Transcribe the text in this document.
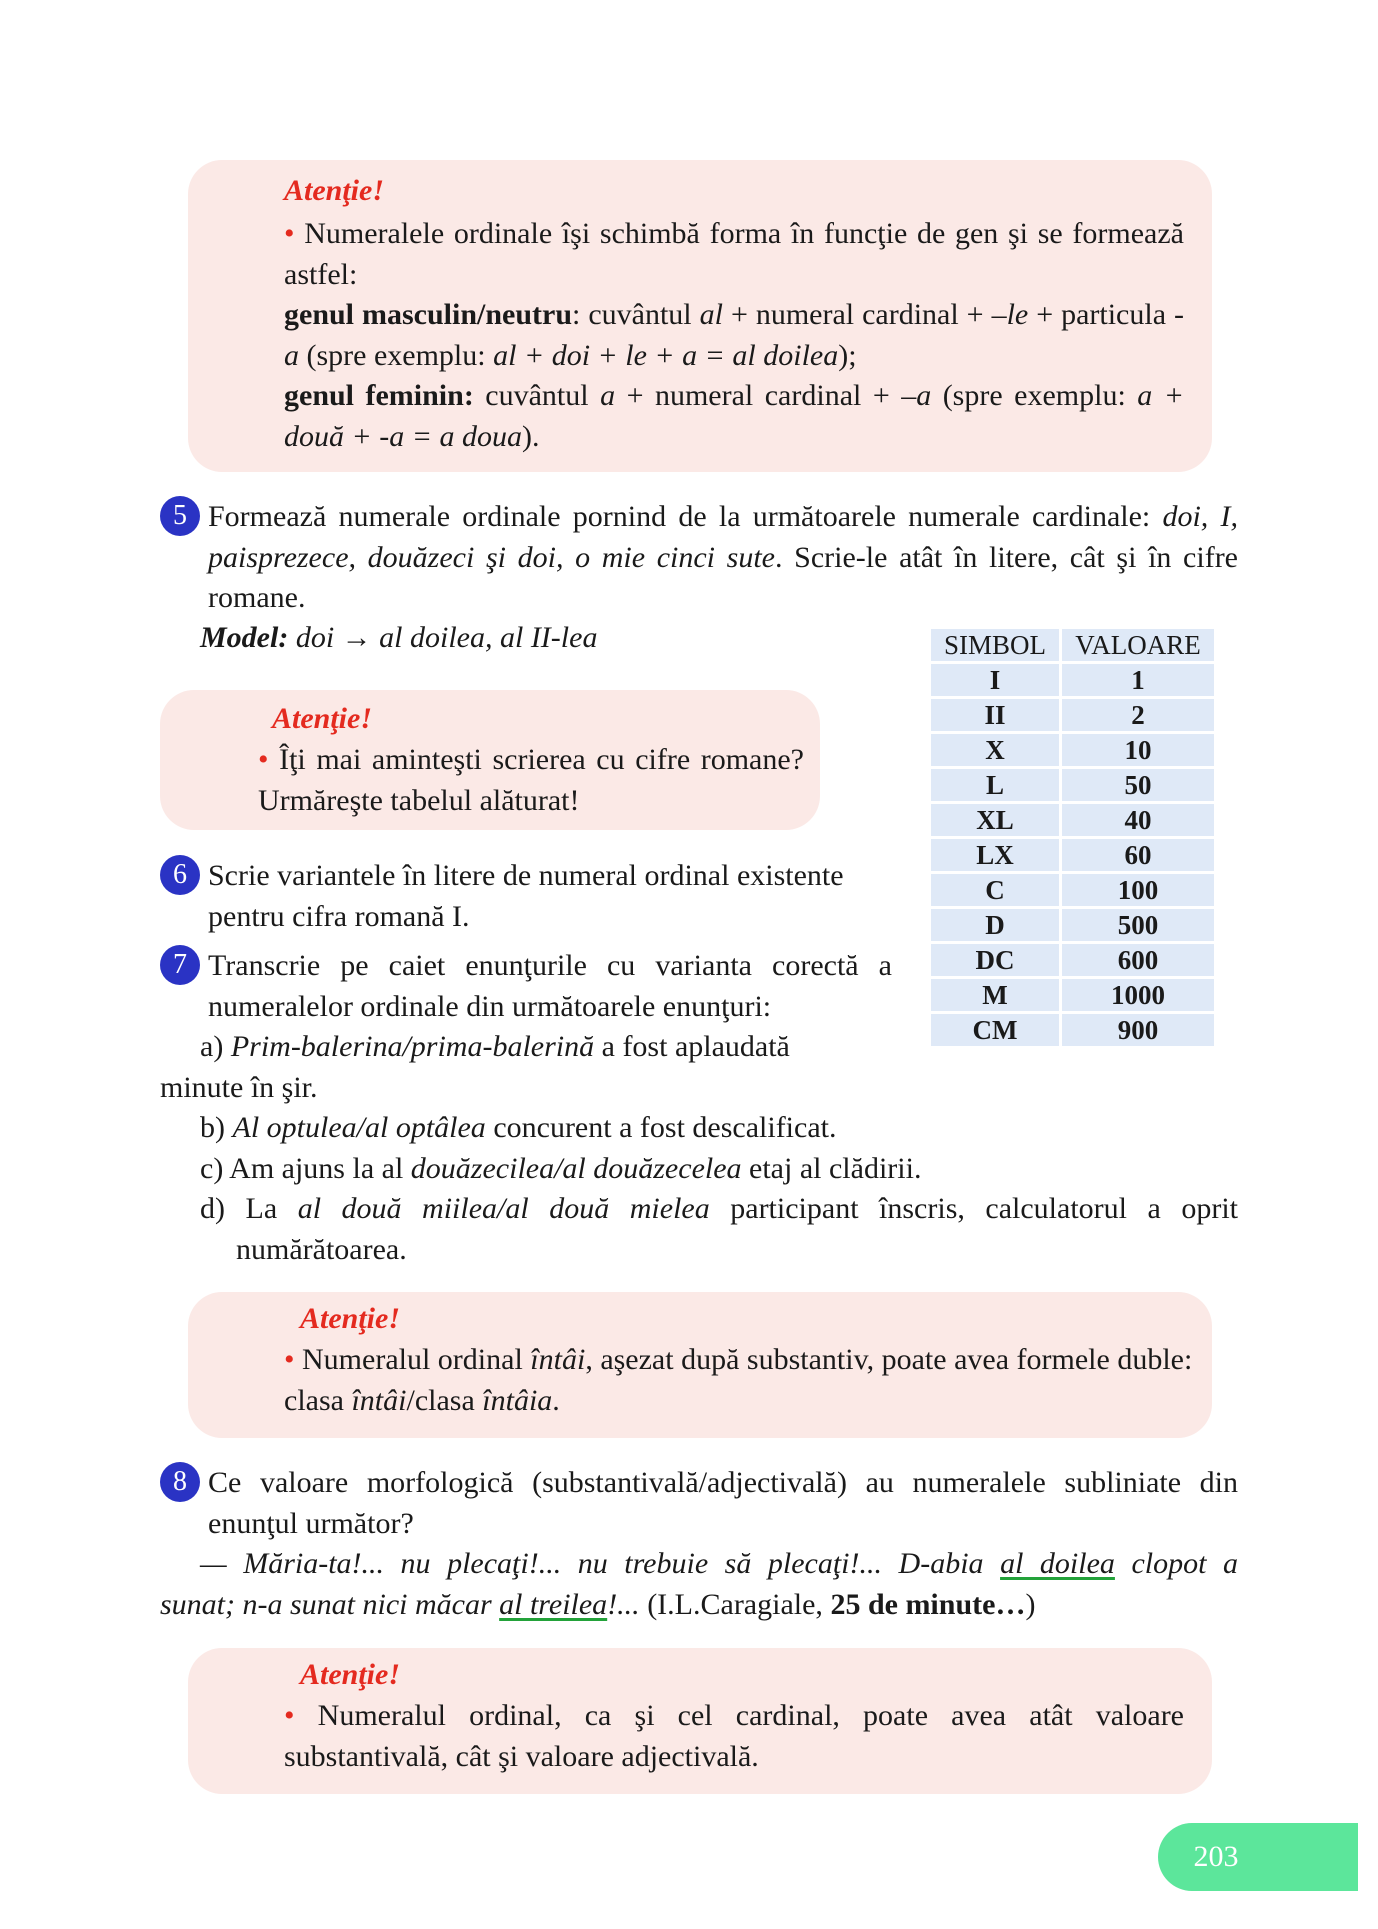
Atenţie!
• Numeralele ordinale îşi schimbă forma în funcţie de gen şi se formează astfel:
genul masculin/neutru: cuvântul al + numeral cardinal + –le + particula -a (spre exemplu: al + doi + le + a = al doilea);
genul feminin: cuvântul a + numeral cardinal + –a (spre exemplu: a + două + -a = a doua).
5 Formează numerale ordinale pornind de la următoarele numerale cardinale: doi, I, paisprezece, douăzeci şi doi, o mie cinci sute. Scrie-le atât în litere, cât şi în cifre romane.
Model: doi → al doilea, al II-lea
Atenţie!
• Îţi mai aminteşti scrierea cu cifre romane? Urmăreşte tabelul alăturat!
SIMBOL	VALOARE
I	1
II	2
X	10
L	50
XL	40
LX	60
C	100
D	500
DC	600
M	1000
CM	900
6 Scrie variantele în litere de numeral ordinal existente pentru cifra romană I.
7 Transcrie pe caiet enunţurile cu varianta corectă a numeralelor ordinale din următoarele enunţuri:
a) Prim-balerina/prima-balerină a fost aplaudată
minute în şir.
b) Al optulea/al optâlea concurent a fost descalificat.
c) Am ajuns la al douăzecilea/al douăzecelea etaj al clădirii.
d) La al două miilea/al două mielea participant înscris, calculatorul a oprit
numărătoarea.
Atenţie!
• Numeralul ordinal întâi, aşezat după substantiv, poate avea formele duble: clasa întâi/clasa întâia.
8 Ce valoare morfologică (substantivală/adjectivală) au numeralele subliniate din enunţul următor?
— Măria-ta!... nu plecaţi!... nu trebuie să plecaţi!... D-abia al doilea clopot a
sunat; n-a sunat nici măcar al treilea!... (I.L.Caragiale, 25 de minute…)
Atenţie!
• Numeralul ordinal, ca şi cel cardinal, poate avea atât valoare substantivală, cât şi valoare adjectivală.
203
